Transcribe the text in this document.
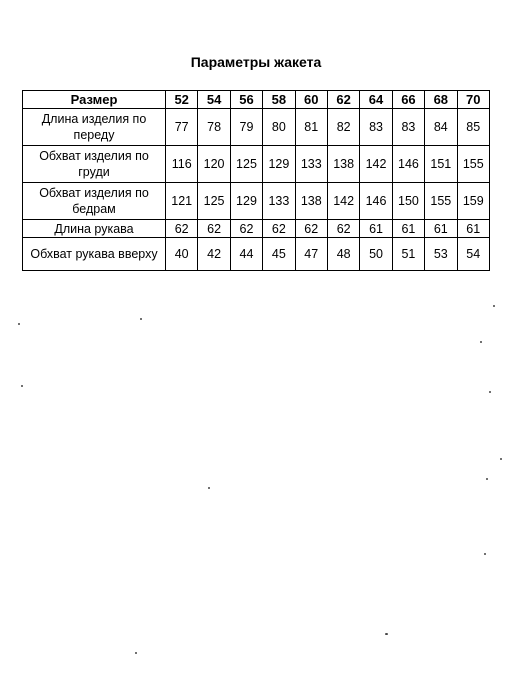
Параметры жакета
Размер	52	54	56	58	60	62	64	66	68	70
Длина изделия по переду	77	78	79	80	81	82	83	83	84	85
Обхват изделия по груди	116	120	125	129	133	138	142	146	151	155
Обхват изделия по бедрам	121	125	129	133	138	142	146	150	155	159
Длина рукава	62	62	62	62	62	62	61	61	61	61
Обхват рукава вверху	40	42	44	45	47	48	50	51	53	54
